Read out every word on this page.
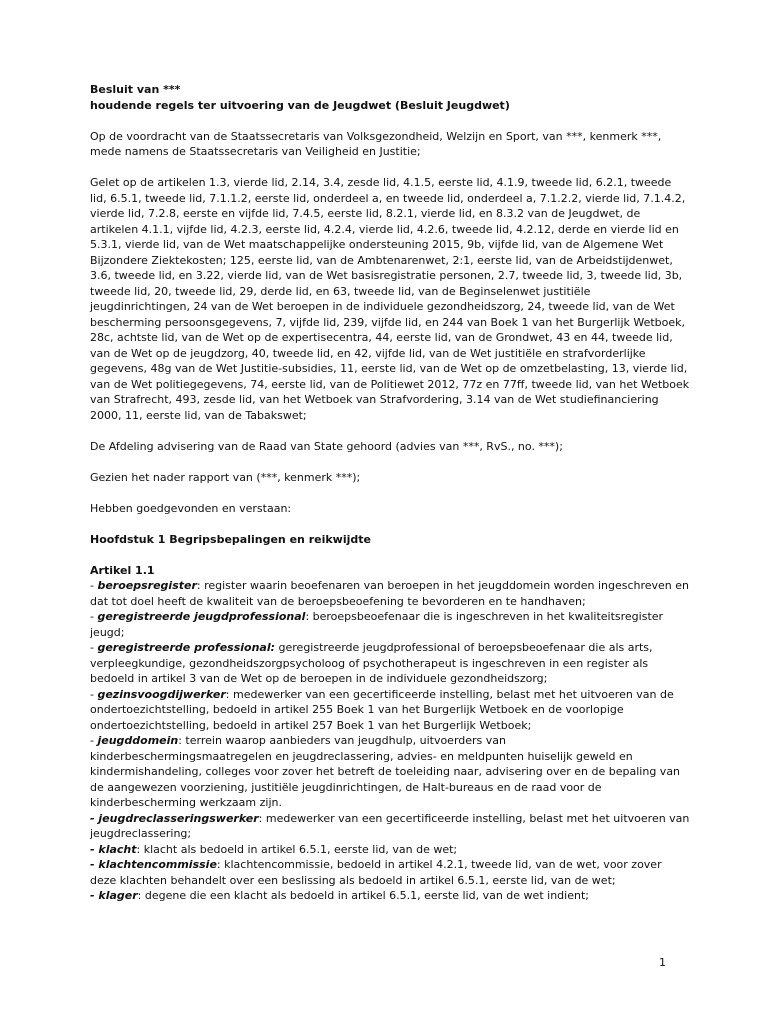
Besluit van ***

houdende regels ter uitvoering van de Jeugdwet (Besluit Jeugdwet)

Op de voordracht van de Staatssecretaris van Volksgezondheid, Welzijn en Sport, van ***, kenmerk ***, mede namens de Staatssecretaris van Veiligheid en Justitie;

Gelet op de artikelen 1.3, vierde lid, 2.14, 3.4, zesde lid, 4.1.5, eerste lid, 4.1.9, tweede lid, 6.2.1, tweede lid, 6.5.1, tweede lid, 7.1.1.2, eerste lid, onderdeel a, en tweede lid, onderdeel a, 7.1.2.2, vierde lid, 7.1.4.2, vierde lid, 7.2.8, eerste en vijfde lid, 7.4.5, eerste lid, 8.2.1, vierde lid, en 8.3.2 van de Jeugdwet, de artikelen 4.1.1, vijfde lid, 4.2.3, eerste lid, 4.2.4, vierde lid, 4.2.6, tweede lid, 4.2.12, derde en vierde lid en 5.3.1, vierde lid, van de Wet maatschappelijke ondersteuning 2015, 9b, vijfde lid, van de Algemene Wet Bijzondere Ziektekosten; 125, eerste lid, van de Ambtenarenwet, 2:1, eerste lid, van de Arbeidstijdenwet, 3.6, tweede lid, en 3.22, vierde lid, van de Wet basisregistratie personen, 2.7, tweede lid, 3, tweede lid, 3b, tweede lid, 20, tweede lid, 29, derde lid, en 63, tweede lid, van de Beginselenwet justitiële jeugdinrichtingen, 24 van de Wet beroepen in de individuele gezondheidszorg, 24, tweede lid, van de Wet bescherming persoonsgegevens, 7, vijfde lid, 239, vijfde lid, en 244 van Boek 1 van het Burgerlijk Wetboek, 28c, achtste lid, van de Wet op de expertisecentra, 44, eerste lid, van de Grondwet, 43 en 44, tweede lid, van de Wet op de jeugdzorg, 40, tweede lid, en 42, vijfde lid, van de Wet justitiële en strafvorderlijke gegevens, 48g van de Wet Justitie-subsidies, 11, eerste lid, van de Wet op de omzetbelasting, 13, vierde lid, van de Wet politiegegevens, 74, eerste lid, van de Politiewet 2012, 77z en 77ff, tweede lid, van het Wetboek van Strafrecht, 493, zesde lid, van het Wetboek van Strafvordering, 3.14 van de Wet studiefinanciering 2000, 11, eerste lid, van de Tabakswet;

De Afdeling advisering van de Raad van State gehoord (advies van ***, RvS., no. ***);

Gezien het nader rapport van (***, kenmerk ***);

Hebben goedgevonden en verstaan:

Hoofdstuk 1 Begripsbepalingen en reikwijdte

Artikel 1.1

- beroepsregister: register waarin beoefenaren van beroepen in het jeugddomein worden ingeschreven en dat tot doel heeft de kwaliteit van de beroepsbeoefening te bevorderen en te handhaven;

- geregistreerde jeugdprofessional: beroepsbeoefenaar die is ingeschreven in het kwaliteitsregister jeugd;

- geregistreerde professional: geregistreerde jeugdprofessional of beroepsbeoefenaar die als arts, verpleegkundige, gezondheidszorgpsycholoog of psychotherapeut is ingeschreven in een register als bedoeld in artikel 3 van de Wet op de beroepen in de individuele gezondheidszorg;

- gezinsvoogdijwerker: medewerker van een gecertificeerde instelling, belast met het uitvoeren van de ondertoezichtstelling, bedoeld in artikel 255 Boek 1 van het Burgerlijk Wetboek en de voorlopige ondertoezichtstelling, bedoeld in artikel 257 Boek 1 van het Burgerlijk Wetboek;

- jeugddomein: terrein waarop aanbieders van jeugdhulp, uitvoerders van kinderbeschermingsmaatregelen en jeugdreclassering, advies- en meldpunten huiselijk geweld en kindermishandeling, colleges voor zover het betreft de toeleiding naar, advisering over en de bepaling van de aangewezen voorziening, justitiële jeugdinrichtingen, de Halt-bureaus en de raad voor de kinderbescherming werkzaam zijn.

- jeugdreclasseringswerker: medewerker van een gecertificeerde instelling, belast met het uitvoeren van jeugdreclassering;

- klacht: klacht als bedoeld in artikel 6.5.1, eerste lid, van de wet;

- klachtencommissie: klachtencommissie, bedoeld in artikel 4.2.1, tweede lid, van de wet, voor zover deze klachten behandelt over een beslissing als bedoeld in artikel 6.5.1, eerste lid, van de wet;

- klager: degene die een klacht als bedoeld in artikel 6.5.1, eerste lid, van de wet indient;

1
